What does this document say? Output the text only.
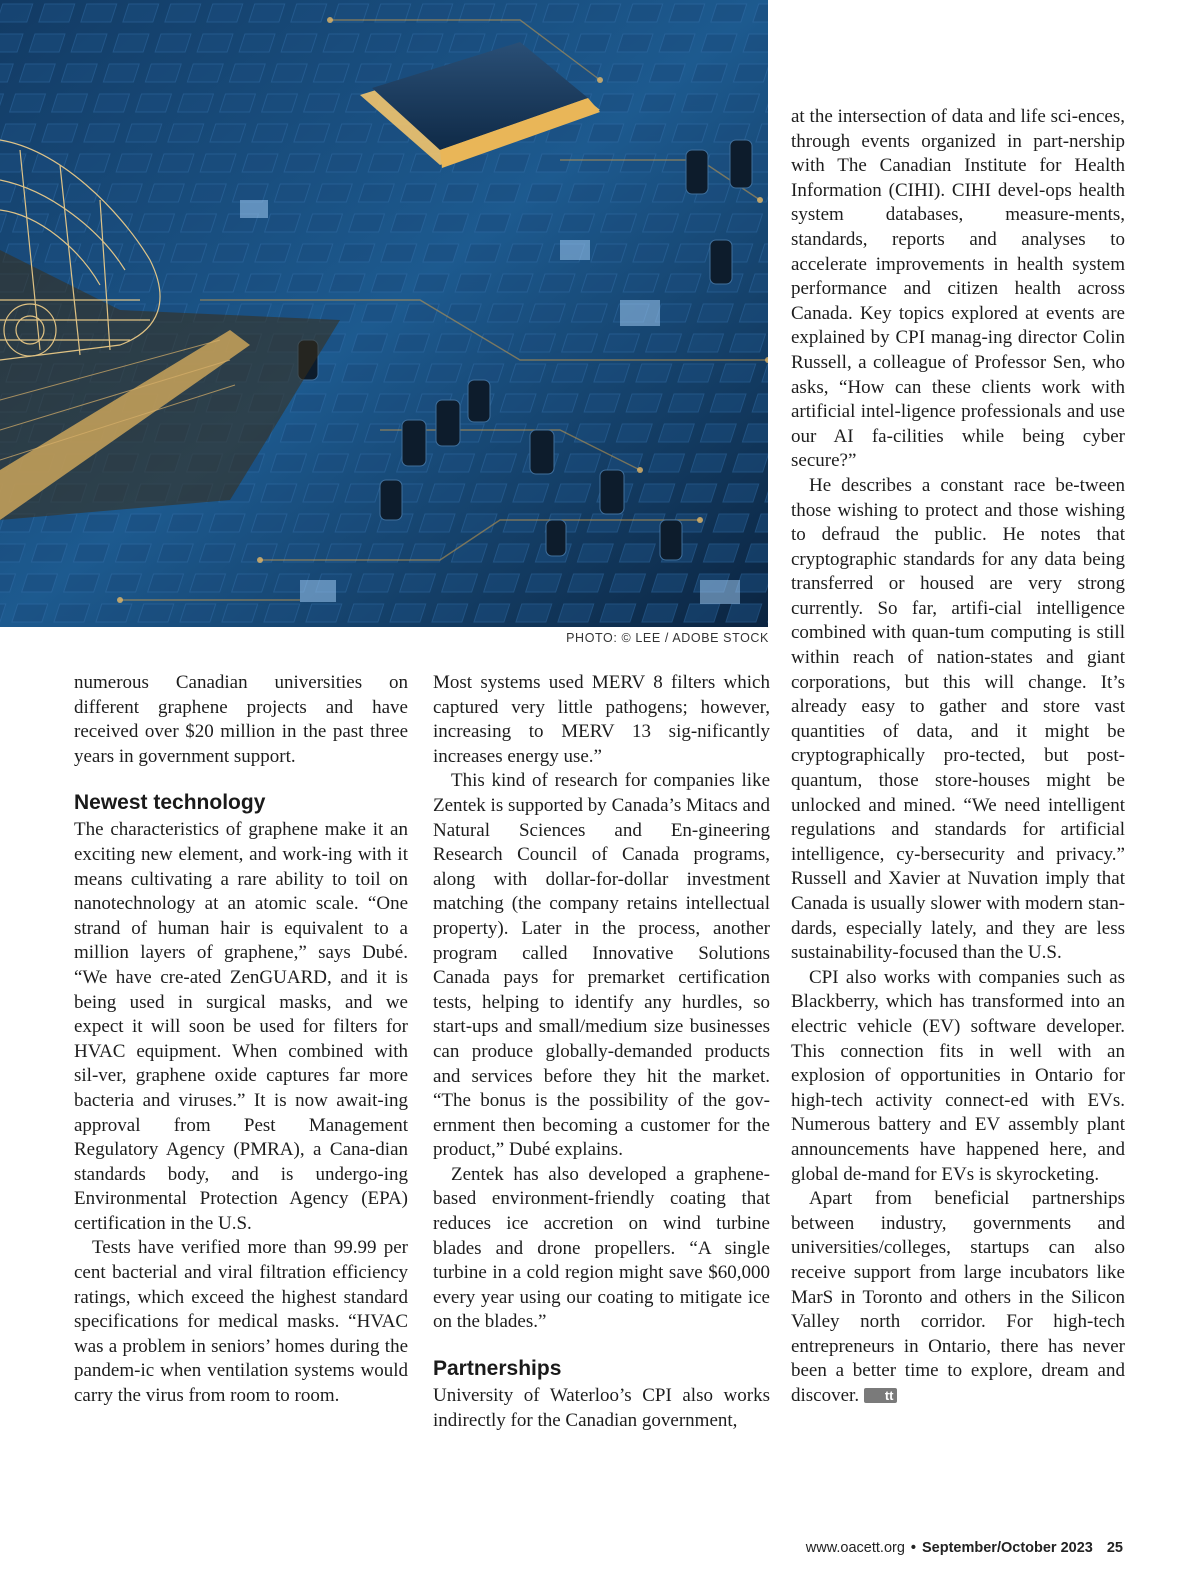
PHOTO: © LEE / ADOBE STOCK

numerous Canadian universities on different graphene projects and have received over $20 million in the past three years in government support.

Newest technology

The characteristics of graphene make it an exciting new element, and work-ing with it means cultivating a rare ability to toil on nanotechnology at an atomic scale. “One strand of human hair is equivalent to a million layers of graphene,” says Dubé. “We have cre-ated ZenGUARD, and it is being used in surgical masks, and we expect it will soon be used for filters for HVAC equipment. When combined with sil-ver, graphene oxide captures far more bacteria and viruses.” It is now await-ing approval from Pest Management Regulatory Agency (PMRA), a Cana-dian standards body, and is undergo-ing Environmental Protection Agency (EPA) certification in the U.S.

Tests have verified more than 99.99 per cent bacterial and viral filtration efficiency ratings, which exceed the highest standard specifications for medical masks. “HVAC was a problem in seniors’ homes during the pandem-ic when ventilation systems would carry the virus from room to room.

Most systems used MERV 8 filters which captured very little pathogens; however, increasing to MERV 13 sig-nificantly increases energy use.”

This kind of research for companies like Zentek is supported by Canada’s Mitacs and Natural Sciences and En-gineering Research Council of Canada programs, along with dollar-for-dollar investment matching (the company retains intellectual property). Later in the process, another program called Innovative Solutions Canada pays for premarket certification tests, helping to identify any hurdles, so start-ups and small/medium size businesses can produce globally-demanded products and services before they hit the market. “The bonus is the possibility of the gov-ernment then becoming a customer for the product,” Dubé explains.

Zentek has also developed a graphene-based environment-friendly coating that reduces ice accretion on wind turbine blades and drone propellers. “A single turbine in a cold region might save $60,000 every year using our coating to mitigate ice on the blades.”

Partnerships

University of Waterloo’s CPI also works indirectly for the Canadian government,

at the intersection of data and life sci-ences, through events organized in part-nership with The Canadian Institute for Health Information (CIHI). CIHI devel-ops health system databases, measure-ments, standards, reports and analyses to accelerate improvements in health system performance and citizen health across Canada. Key topics explored at events are explained by CPI manag-ing director Colin Russell, a colleague of Professor Sen, who asks, “How can these clients work with artificial intel-ligence professionals and use our AI fa-cilities while being cyber secure?”

He describes a constant race be-tween those wishing to protect and those wishing to defraud the public. He notes that cryptographic standards for any data being transferred or housed are very strong currently. So far, artifi-cial intelligence combined with quan-tum computing is still within reach of nation-states and giant corporations, but this will change. It’s already easy to gather and store vast quantities of data, and it might be cryptographically pro-tected, but post-quantum, those store-houses might be unlocked and mined. “We need intelligent regulations and standards for artificial intelligence, cy-bersecurity and privacy.” Russell and Xavier at Nuvation imply that Canada is usually slower with modern stan-dards, especially lately, and they are less sustainability-focused than the U.S.

CPI also works with companies such as Blackberry, which has transformed into an electric vehicle (EV) software developer. This connection fits in well with an explosion of opportunities in Ontario for high-tech activity connect-ed with EVs. Numerous battery and EV assembly plant announcements have happened here, and global de-mand for EVs is skyrocketing.

Apart from beneficial partnerships between industry, governments and universities/colleges, startups can also receive support from large incubators like MarS in Toronto and others in the Silicon Valley north corridor. For high-tech entrepreneurs in Ontario, there has never been a better time to explore, dream and discover. tt

www.oacett.org • September/October 2023 25
